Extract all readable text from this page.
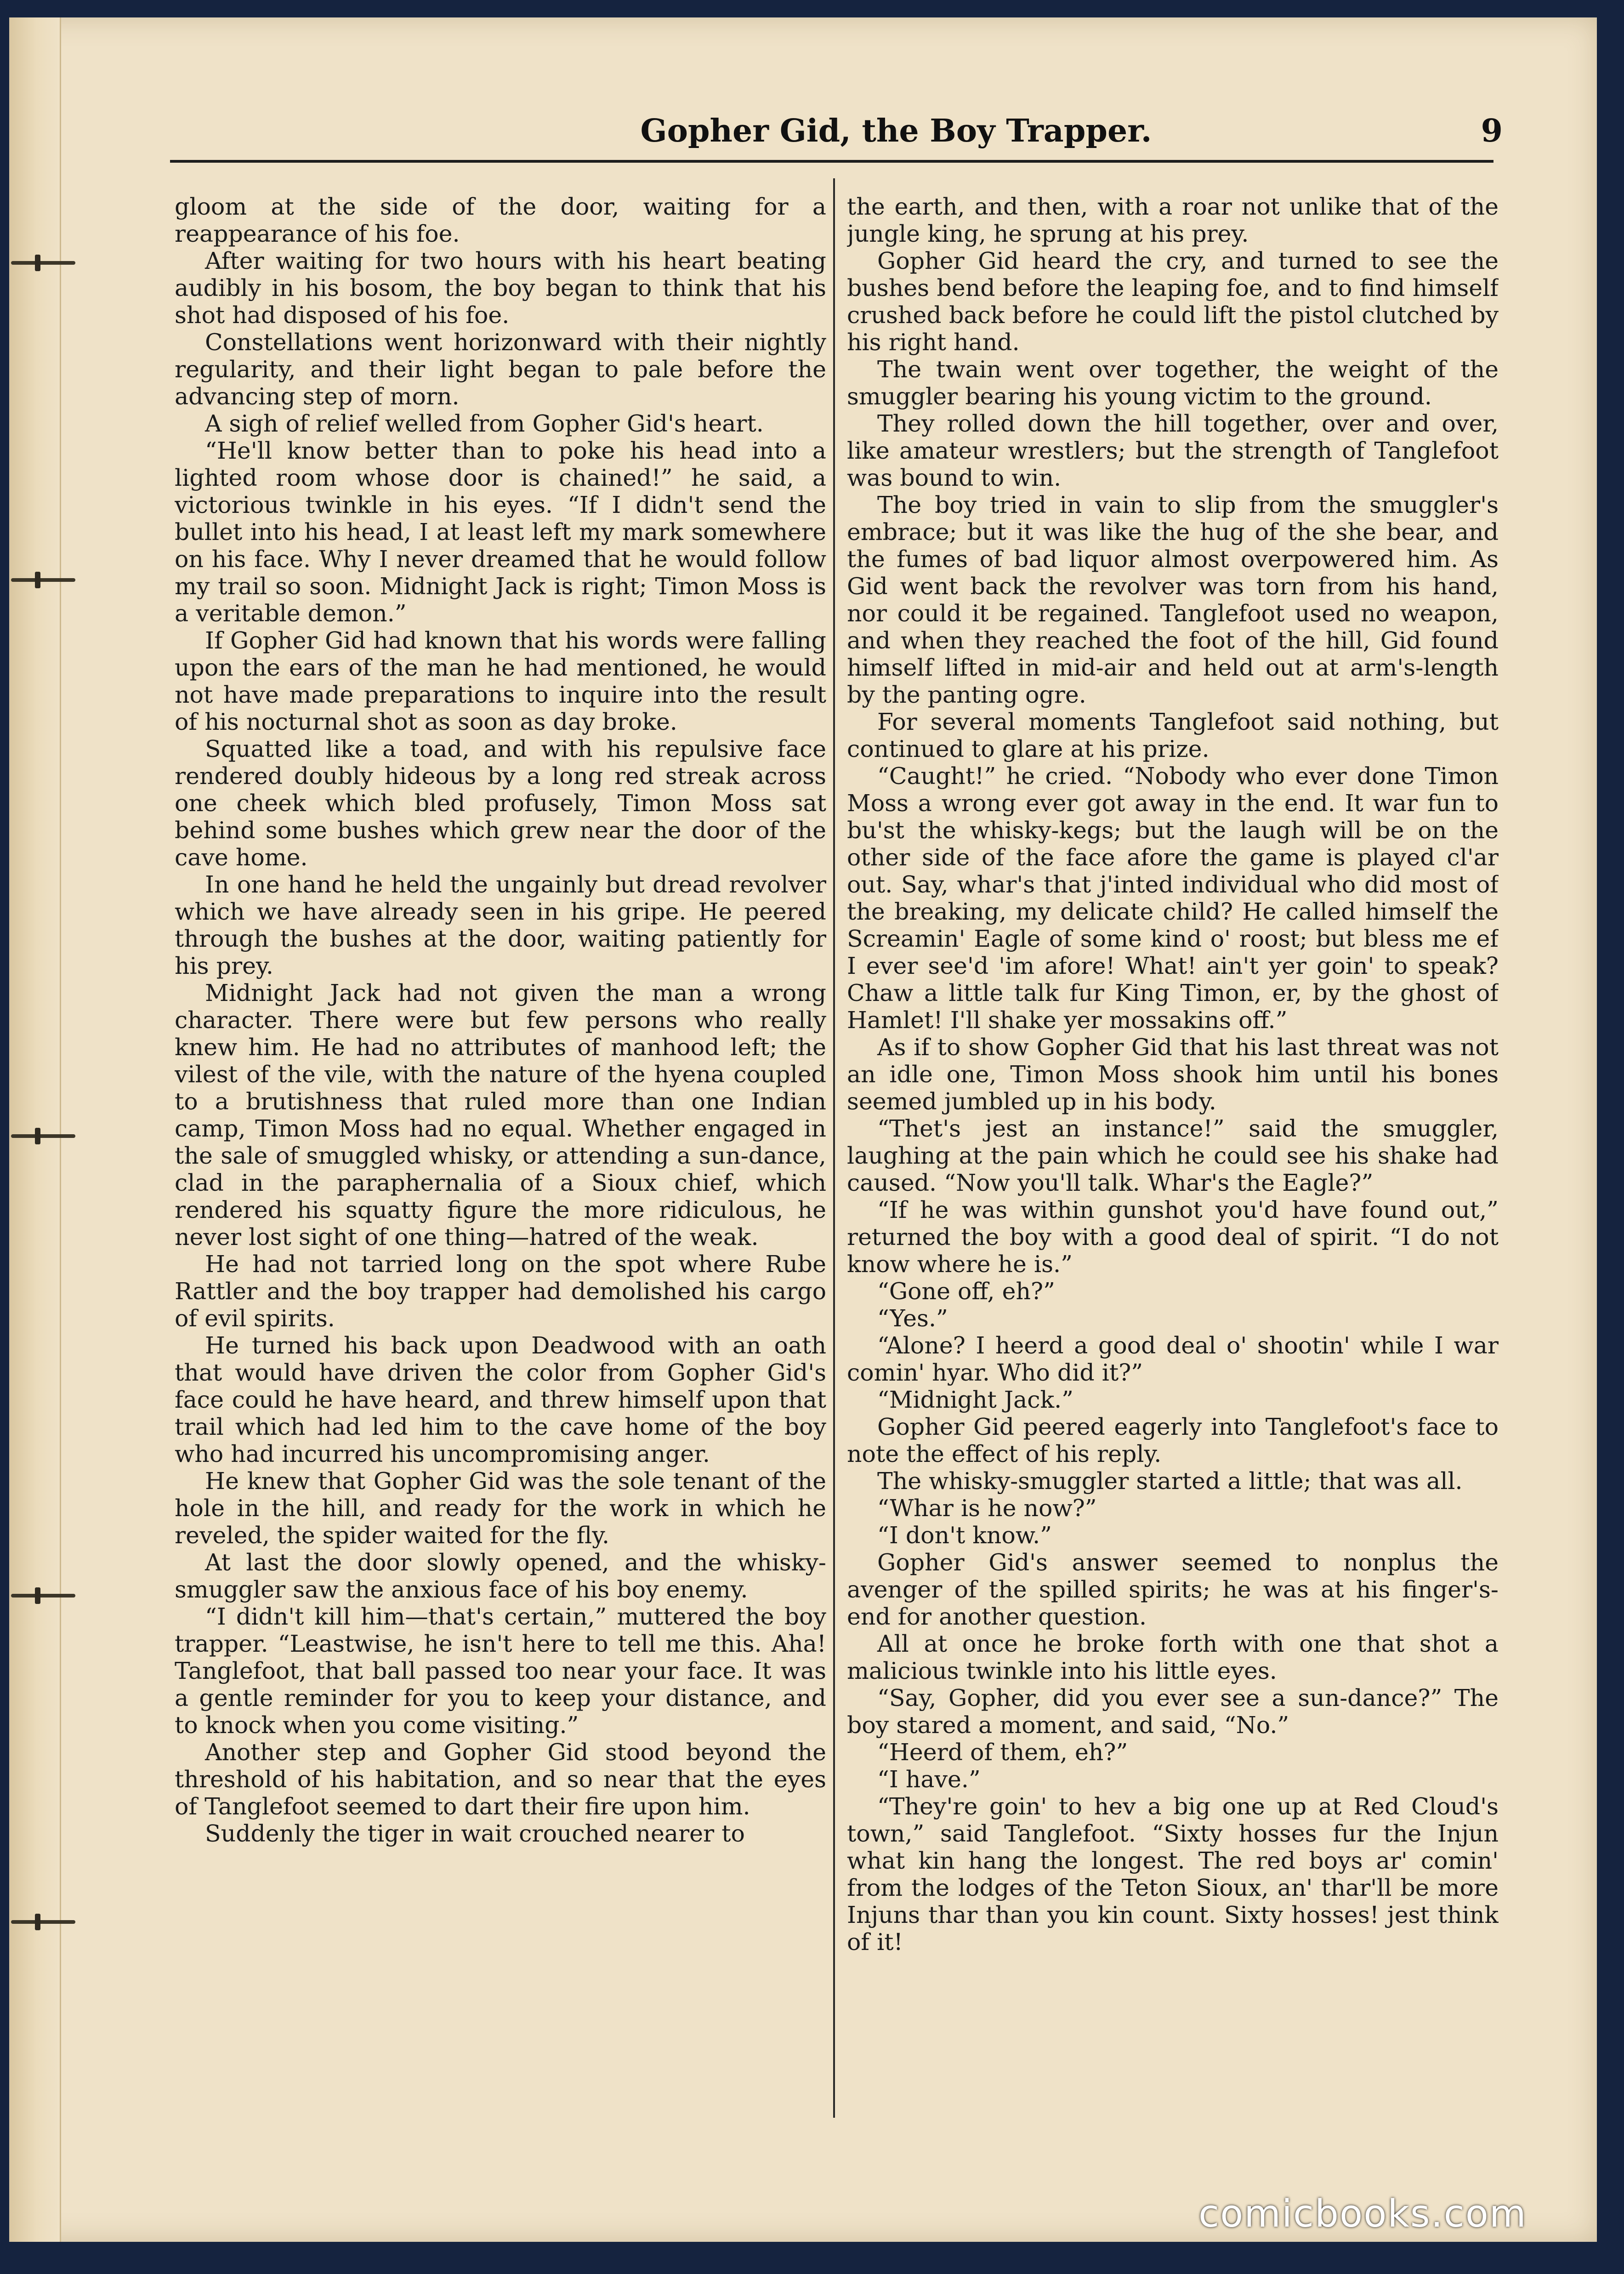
Gopher Gid, the Boy Trapper.	9

gloom at the side of the door, waiting for a reappearance of his foe.

After waiting for two hours with his heart beating audibly in his bosom, the boy began to think that his shot had disposed of his foe.

Constellations went horizonward with their nightly regularity, and their light began to pale before the advancing step of morn.

A sigh of relief welled from Gopher Gid's heart.

“He'll know better than to poke his head into a lighted room whose door is chained!” he said, a victorious twinkle in his eyes. “If I didn't send the bullet into his head, I at least left my mark somewhere on his face. Why I never dreamed that he would follow my trail so soon. Midnight Jack is right; Timon Moss is a veritable demon.”

If Gopher Gid had known that his words were falling upon the ears of the man he had mentioned, he would not have made preparations to inquire into the result of his nocturnal shot as soon as day broke.

Squatted like a toad, and with his repulsive face rendered doubly hideous by a long red streak across one cheek which bled profusely, Timon Moss sat behind some bushes which grew near the door of the cave home.

In one hand he held the ungainly but dread revolver which we have already seen in his gripe. He peered through the bushes at the door, waiting patiently for his prey.

Midnight Jack had not given the man a wrong character. There were but few persons who really knew him. He had no attributes of manhood left; the vilest of the vile, with the nature of the hyena coupled to a brutishness that ruled more than one Indian camp, Timon Moss had no equal. Whether engaged in the sale of smuggled whisky, or attending a sun-dance, clad in the paraphernalia of a Sioux chief, which rendered his squatty figure the more ridiculous, he never lost sight of one thing—hatred of the weak.

He had not tarried long on the spot where Rube Rattler and the boy trapper had demolished his cargo of evil spirits.

He turned his back upon Deadwood with an oath that would have driven the color from Gopher Gid's face could he have heard, and threw himself upon that trail which had led him to the cave home of the boy who had incurred his uncompromising anger.

He knew that Gopher Gid was the sole tenant of the hole in the hill, and ready for the work in which he reveled, the spider waited for the fly.

At last the door slowly opened, and the whisky-smuggler saw the anxious face of his boy enemy.

“I didn't kill him—that's certain,” muttered the boy trapper. “Leastwise, he isn't here to tell me this. Aha! Tanglefoot, that ball passed too near your face. It was a gentle reminder for you to keep your distance, and to knock when you come visiting.”

Another step and Gopher Gid stood beyond the threshold of his habitation, and so near that the eyes of Tanglefoot seemed to dart their fire upon him.

Suddenly the tiger in wait crouched nearer to

the earth, and then, with a roar not unlike that of the jungle king, he sprung at his prey.

Gopher Gid heard the cry, and turned to see the bushes bend before the leaping foe, and to find himself crushed back before he could lift the pistol clutched by his right hand.

The twain went over together, the weight of the smuggler bearing his young victim to the ground.

They rolled down the hill together, over and over, like amateur wrestlers; but the strength of Tanglefoot was bound to win.

The boy tried in vain to slip from the smuggler's embrace; but it was like the hug of the she bear, and the fumes of bad liquor almost overpowered him. As Gid went back the revolver was torn from his hand, nor could it be regained. Tanglefoot used no weapon, and when they reached the foot of the hill, Gid found himself lifted in mid-air and held out at arm's-length by the panting ogre.

For several moments Tanglefoot said nothing, but continued to glare at his prize.

“Caught!” he cried. “Nobody who ever done Timon Moss a wrong ever got away in the end. It war fun to bu'st the whisky-kegs; but the laugh will be on the other side of the face afore the game is played cl'ar out. Say, whar's that j'inted individual who did most of the breaking, my delicate child? He called himself the Screamin' Eagle of some kind o' roost; but bless me ef I ever see'd 'im afore! What! ain't yer goin' to speak? Chaw a little talk fur King Timon, er, by the ghost of Hamlet! I'll shake yer mossakins off.”

As if to show Gopher Gid that his last threat was not an idle one, Timon Moss shook him until his bones seemed jumbled up in his body.

“Thet's jest an instance!” said the smuggler, laughing at the pain which he could see his shake had caused. “Now you'll talk. Whar's the Eagle?”

“If he was within gunshot you'd have found out,” returned the boy with a good deal of spirit. “I do not know where he is.”

“Gone off, eh?”

“Yes.”

“Alone? I heerd a good deal o' shootin' while I war comin' hyar. Who did it?”

“Midnight Jack.”

Gopher Gid peered eagerly into Tanglefoot's face to note the effect of his reply.

The whisky-smuggler started a little; that was all.

“Whar is he now?”

“I don't know.”

Gopher Gid's answer seemed to nonplus the avenger of the spilled spirits; he was at his finger's-end for another question.

All at once he broke forth with one that shot a malicious twinkle into his little eyes.

“Say, Gopher, did you ever see a sun-dance?” The boy stared a moment, and said, “No.”

“Heerd of them, eh?”

“I have.”

“They're goin' to hev a big one up at Red Cloud's town,” said Tanglefoot. “Sixty hosses fur the Injun what kin hang the longest. The red boys ar' comin' from the lodges of the Teton Sioux, an' thar'll be more Injuns thar than you kin count. Sixty hosses! jest think of it!

comicbooks.com
